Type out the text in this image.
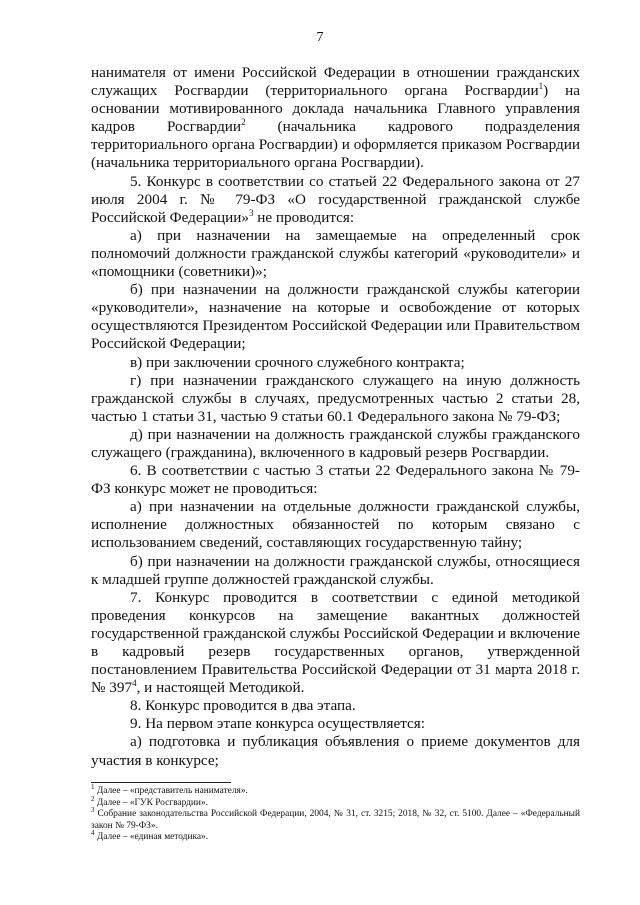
7

нанимателя от имени Российской Федерации в отношении гражданских служащих Росгвардии (территориального органа Росгвардии$^1$) на основании мотивированного доклада начальника Главного управления кадров Росгвардии$^2$ (начальника кадрового подразделения территориального органа Росгвардии) и оформляется приказом Росгвардии (начальника территориального органа Росгвардии).

5. Конкурс в соответствии со статьей 22 Федерального закона от 27 июля 2004 г. № 79-ФЗ «О государственной гражданской службе Российской Федерации»$^3$ не проводится:

а) при назначении на замещаемые на определенный срок полномочий должности гражданской службы категорий «руководители» и «помощники (советники)»;

б) при назначении на должности гражданской службы категории «руководители», назначение на которые и освобождение от которых осуществляются Президентом Российской Федерации или Правительством Российской Федерации;

в) при заключении срочного служебного контракта;

г) при назначении гражданского служащего на иную должность гражданской службы в случаях, предусмотренных частью 2 статьи 28, частью 1 статьи 31, частью 9 статьи 60.1 Федерального закона № 79-ФЗ;

д) при назначении на должность гражданской службы гражданского служащего (гражданина), включенного в кадровый резерв Росгвардии.

6. В соответствии с частью 3 статьи 22 Федерального закона № 79-ФЗ конкурс может не проводиться:

а) при назначении на отдельные должности гражданской службы, исполнение должностных обязанностей по которым связано с использованием сведений, составляющих государственную тайну;

б) при назначении на должности гражданской службы, относящиеся к младшей группе должностей гражданской службы.

7. Конкурс проводится в соответствии с единой методикой проведения конкурсов на замещение вакантных должностей государственной гражданской службы Российской Федерации и включение в кадровый резерв государственных органов, утвержденной постановлением Правительства Российской Федерации от 31 марта 2018 г. № $397^4$, и настоящей Методикой.

8. Конкурс проводится в два этапа.

9. На первом этапе конкурса осуществляется:

а) подготовка и публикация объявления о приеме документов для участия в конкурсе;

$^1$ Далее – «представитель нанимателя».

$^2$ Далее – «ГУК Росгвардии».

$^3$ Собрание законодательства Российской Федерации, 2004, № 31, ст. 3215; 2018, № 32, ст. 5100. Далее – «Федеральный закон № 79-ФЗ».

$^4$ Далее – «единая методика».
